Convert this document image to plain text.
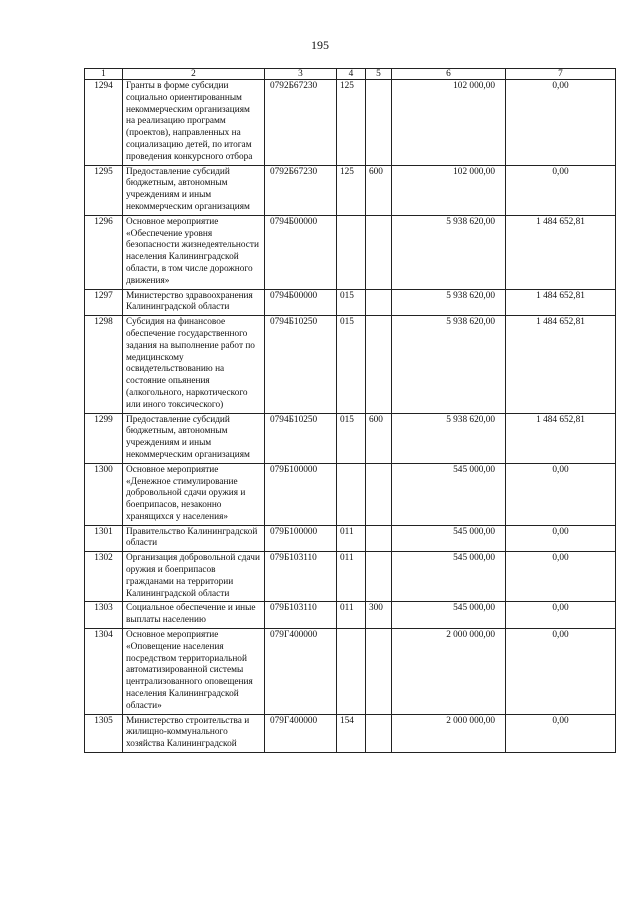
195
1	2	3	4	5	6	7
1294	Гранты в форме субсидии социально ориентированным некоммерческим организациям на реализацию программ (проектов), направленных на социализацию детей, по итогам проведения конкурсного отбора	0792Б67230	125		102 000,00	0,00
1295	Предоставление субсидий бюджетным, автономным учреждениям и иным некоммерческим организациям	0792Б67230	125	600	102 000,00	0,00
1296	Основное мероприятие «Обеспечение уровня безопасности жизнедеятельности населения Калининградской области, в том числе дорожного движения»	0794Б00000			5 938 620,00	1 484 652,81
1297	Министерство здравоохранения Калининградской области	0794Б00000	015		5 938 620,00	1 484 652,81
1298	Субсидия на финансовое обеспечение государственного задания на выполнение работ по медицинскому освидетельствованию на состояние опьянения (алкогольного, наркотического или иного токсического)	0794Б10250	015		5 938 620,00	1 484 652,81
1299	Предоставление субсидий бюджетным, автономным учреждениям и иным некоммерческим организациям	0794Б10250	015	600	5 938 620,00	1 484 652,81
1300	Основное мероприятие «Денежное стимулирование добровольной сдачи оружия и боеприпасов, незаконно хранящихся у населения»	079Б100000			545 000,00	0,00
1301	Правительство Калининградской области	079Б100000	011		545 000,00	0,00
1302	Организация добровольной сдачи оружия и боеприпасов гражданами на территории Калининградской области	079Б103110	011		545 000,00	0,00
1303	Социальное обеспечение и иные выплаты населению	079Б103110	011	300	545 000,00	0,00
1304	Основное мероприятие «Оповещение населения посредством территориальной автоматизированной системы централизованного оповещения населения Калининградской области»	079Г400000			2 000 000,00	0,00
1305	Министерство строительства и жилищно-коммунального хозяйства Калининградской	079Г400000	154		2 000 000,00	0,00
